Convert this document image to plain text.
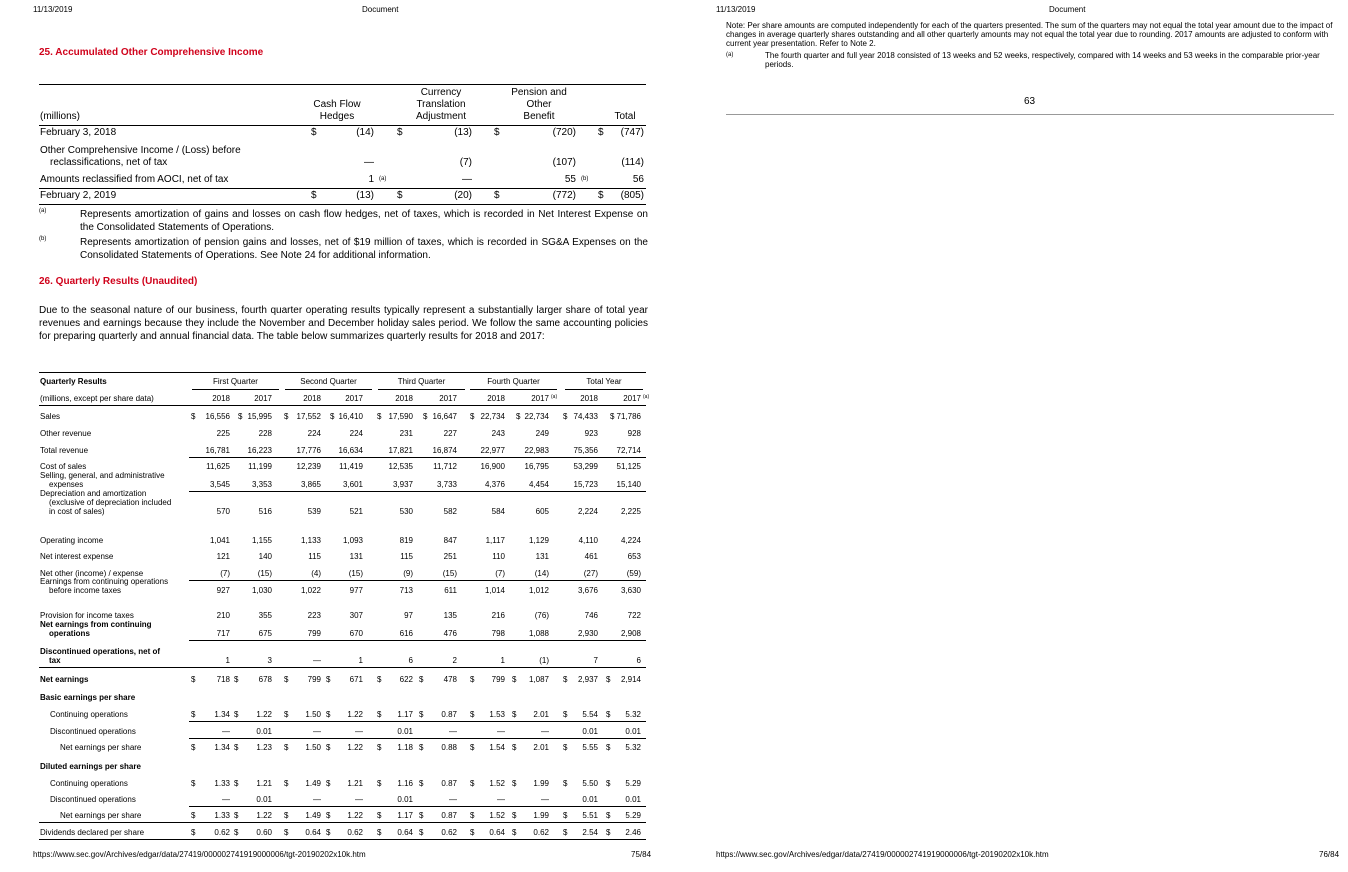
11/13/2019	Document
25. Accumulated Other Comprehensive Income
Cash Flow
Hedges
Currency
Translation
Adjustment
Pension and
Other
Benefit	Total
(millions)
February 3, 2018	$	(14) $	(13) $	(720) $	(747)
Other Comprehensive Income / (Loss) before
reclassifications, net of tax	—	(7)	(107)	(114)
Amounts reclassified from AOCI, net of tax	1 (a)	—	55 (b)	56
February 2, 2019	$	(13) $	(20) $	(772) $	(805)
(a)	Represents amortization of gains and losses on cash flow hedges, net of taxes, which is recorded in Net Interest Expense on the Consolidated Statements of Operations.
(b)	Represents amortization of pension gains and losses, net of $19 million of taxes, which is recorded in SG&A Expenses on the Consolidated Statements of Operations. See Note 24 for additional information.
26. Quarterly Results (Unaudited)
Due to the seasonal nature of our business, fourth quarter operating results typically represent a substantially larger share of total year revenues and earnings because they include the November and December holiday sales period. We follow the same accounting policies for preparing quarterly and annual financial data. The table below summarizes quarterly results for 2018 and 2017:
Quarterly Results
(millions, except per share data)
First Quarter	Second Quarter	Third Quarter	Fourth Quarter	Total Year
2018	2017	2018	2017	2018	2017	2018	2017 (a)	2018	2017 (a)
Sales	16,556	15,995	17,552	16,410	17,590	16,647	22,734	22,734	74,433	71,786
$	$	$	$	$	$	$	$	$	$
Other revenue	225	228	224	224	231	227	243	249	923	928
Total revenue	16,781	16,223	17,776	16,634	17,821	16,874	22,977	22,983	75,356	72,714
Cost of sales	11,625	11,199	12,239	11,419	12,535	11,712	16,900	16,795	53,299	51,125
Selling, general, and administrative
expenses	3,545	3,353	3,865	3,601	3,937	3,733	4,376	4,454	15,723	15,140
Depreciation and amortization
(exclusive of depreciation included
in cost of sales)	570	516	539	521	530	582	584	605	2,224	2,225
Operating income	1,041	1,155	1,133	1,093	819	847	1,117	1,129	4,110	4,224
Net interest expense	121	140	115	131	115	251	110	131	461	653
Net other (income) / expense	(7)	(15)	(4)	(15)	(9)	(15)	(7)	(14)	(27)	(59)
Earnings from continuing operations
before income taxes	927	1,030	1,022	977	713	611	1,014	1,012	3,676	3,630
Provision for income taxes	210	355	223	307	97	135	216	(76)	746	722
Net earnings from continuing
operations	717	675	799	670	616	476	798	1,088	2,930	2,908
Discontinued operations, net of
tax	1	3	—	1	6	2	1	(1)	7	6
Net earnings	718	678	799	671	622	478	799	1,087	2,937	2,914
$	$	$	$	$	$	$	$	$	$
Basic earnings per share
Continuing operations	1.34	1.22	1.50	1.22	1.17	0.87	1.53	2.01	5.54	5.32
$	$	$	$	$	$	$	$	$	$
Discontinued operations	—	0.01	—	—	0.01	—	—	—	0.01	0.01
Net earnings per share	1.34	1.23	1.50	1.22	1.18	0.88	1.54	2.01	5.55	5.32
$	$	$	$	$	$	$	$	$	$
Diluted earnings per share
Continuing operations	1.33	1.21	1.49	1.21	1.16	0.87	1.52	1.99	5.50	5.29
$	$	$	$	$	$	$	$	$	$
Discontinued operations	—	0.01	—	—	0.01	—	—	—	0.01	0.01
Net earnings per share	1.33	1.22	1.49	1.22	1.17	0.87	1.52	1.99	5.51	5.29
$	$	$	$	$	$	$	$	$	$
Dividends declared per share	0.62	0.60	0.64	0.62	0.64	0.62	0.64	0.62	2.54	2.46
$	$	$	$	$	$	$	$	$	$
https://www.sec.gov/Archives/edgar/data/27419/000002741919000006/tgt-20190202x10k.htm	75/84
11/13/2019	Document
Note: Per share amounts are computed independently for each of the quarters presented. The sum of the quarters may not equal the total year amount due to the impact of changes in average quarterly shares outstanding and all other quarterly amounts may not equal the total year due to rounding. 2017 amounts are adjusted to conform with current year presentation. Refer to Note 2.
(a)	The fourth quarter and full year 2018 consisted of 13 weeks and 52 weeks, respectively, compared with 14 weeks and 53 weeks in the comparable prior-year periods.
63
https://www.sec.gov/Archives/edgar/data/27419/000002741919000006/tgt-20190202x10k.htm	76/84
